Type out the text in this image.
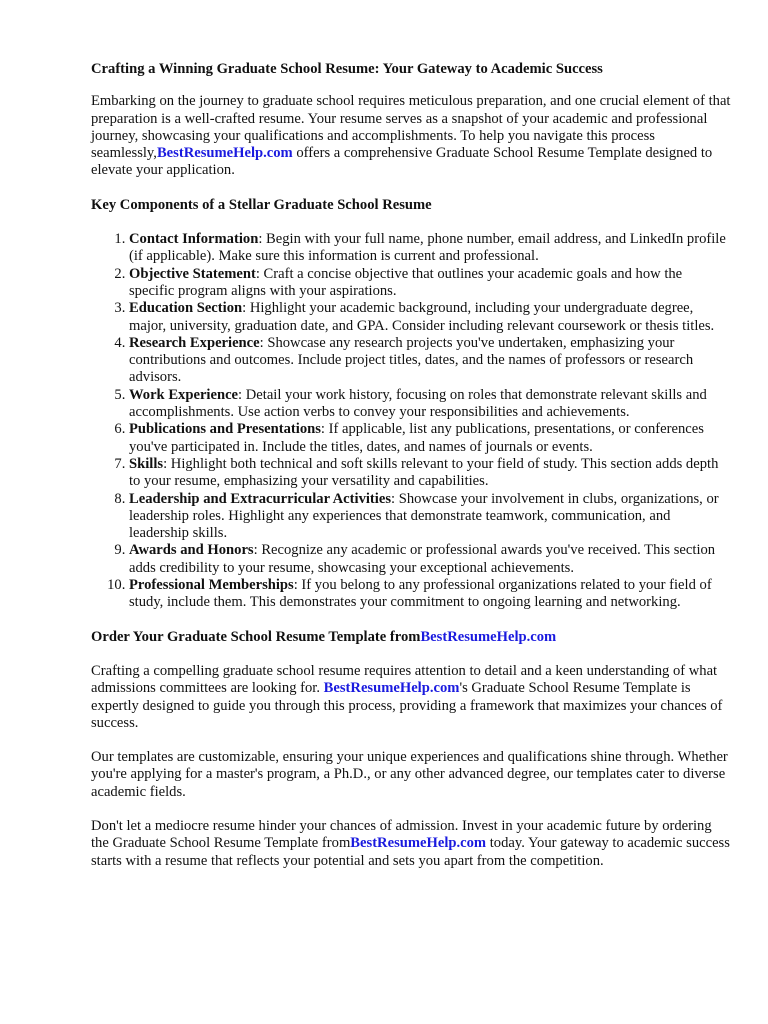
Crafting a Winning Graduate School Resume: Your Gateway to Academic Success

Embarking on the journey to graduate school requires meticulous preparation, and one crucial element of that preparation is a well-crafted resume. Your resume serves as a snapshot of your academic and professional journey, showcasing your qualifications and accomplishments. To help you navigate this process seamlessly,BestResumeHelp.com offers a comprehensive Graduate School Resume Template designed to elevate your application.

Key Components of a Stellar Graduate School Resume
1. Contact Information: Begin with your full name, phone number, email address, and LinkedIn profile (if applicable). Make sure this information is current and professional.
2. Objective Statement: Craft a concise objective that outlines your academic goals and how the specific program aligns with your aspirations.
3. Education Section: Highlight your academic background, including your undergraduate degree, major, university, graduation date, and GPA. Consider including relevant coursework or thesis titles.
4. Research Experience: Showcase any research projects you've undertaken, emphasizing your contributions and outcomes. Include project titles, dates, and the names of professors or research advisors.
5. Work Experience: Detail your work history, focusing on roles that demonstrate relevant skills and accomplishments. Use action verbs to convey your responsibilities and achievements.
6. Publications and Presentations: If applicable, list any publications, presentations, or conferences you've participated in. Include the titles, dates, and names of journals or events.
7. Skills: Highlight both technical and soft skills relevant to your field of study. This section adds depth to your resume, emphasizing your versatility and capabilities.
8. Leadership and Extracurricular Activities: Showcase your involvement in clubs, organizations, or leadership roles. Highlight any experiences that demonstrate teamwork, communication, and leadership skills.
9. Awards and Honors: Recognize any academic or professional awards you've received. This section adds credibility to your resume, showcasing your exceptional achievements.
10. Professional Memberships: If you belong to any professional organizations related to your field of study, include them. This demonstrates your commitment to ongoing learning and networking.
Order Your Graduate School Resume Template fromBestResumeHelp.com

Crafting a compelling graduate school resume requires attention to detail and a keen understanding of what admissions committees are looking for. BestResumeHelp.com's Graduate School Resume Template is expertly designed to guide you through this process, providing a framework that maximizes your chances of success.

Our templates are customizable, ensuring your unique experiences and qualifications shine through. Whether you're applying for a master's program, a Ph.D., or any other advanced degree, our templates cater to diverse academic fields.

Don't let a mediocre resume hinder your chances of admission. Invest in your academic future by ordering the Graduate School Resume Template fromBestResumeHelp.com today. Your gateway to academic success starts with a resume that reflects your potential and sets you apart from the competition.
